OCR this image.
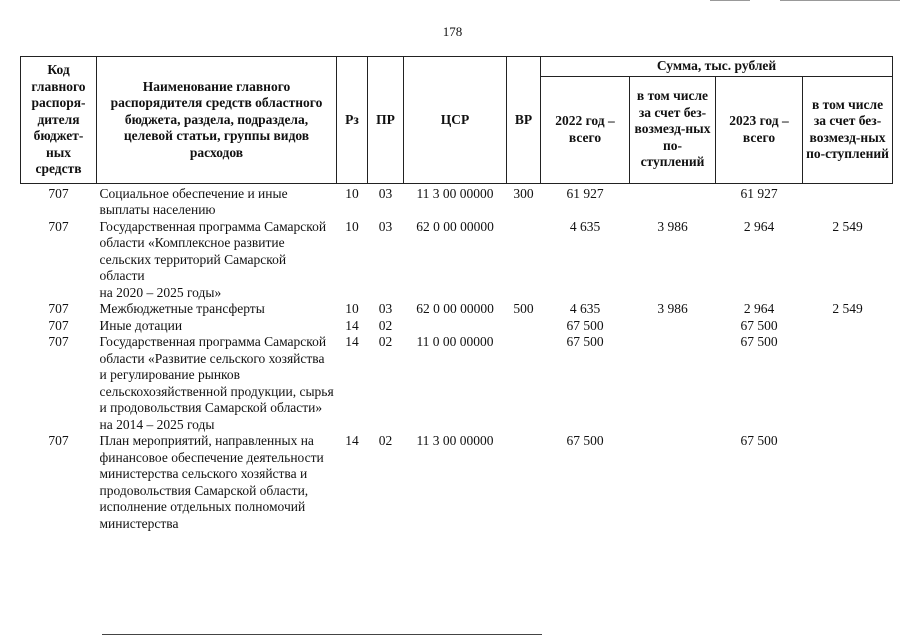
178
Код главного распоря-дителя бюджет-ных средств	Наименование главного распорядителя средств областного бюджета, раздела, подраздела, целевой статьи, группы видов расходов	Рз	ПР	ЦСР	ВР	Сумма, тыс. рублей			
						2022 год – всего	в том числе за счет без-возмезд-ных по-ступлений	2023 год – всего	в том числе за счет без-возмезд-ных по-ступлений
707	Социальное обеспечение и иные выплаты населению	10	03	11 3 00 00000	300	61 927		61 927	
707	Государственная программа Самарской области «Комплексное развитие сельских территорий Самарской области
на 2020 – 2025 годы»	10	03	62 0 00 00000		4 635	3 986	2 964	2 549
707	Межбюджетные трансферты	10	03	62 0 00 00000	500	4 635	3 986	2 964	2 549
707	Иные дотации	14	02			67 500		67 500	
707	Государственная программа Самарской области «Развитие сельского хозяйства и регулирование рынков сельскохозяйственной продукции, сырья и продовольствия Самарской области» на 2014 – 2025 годы	14	02	11 0 00 00000		67 500		67 500	
707	План мероприятий, направленных на финансовое обеспечение деятельности министерства сельского хозяйства и продовольствия Самарской области, исполнение отдельных полномочий министерства	14	02	11 3 00 00000		67 500		67 500	
